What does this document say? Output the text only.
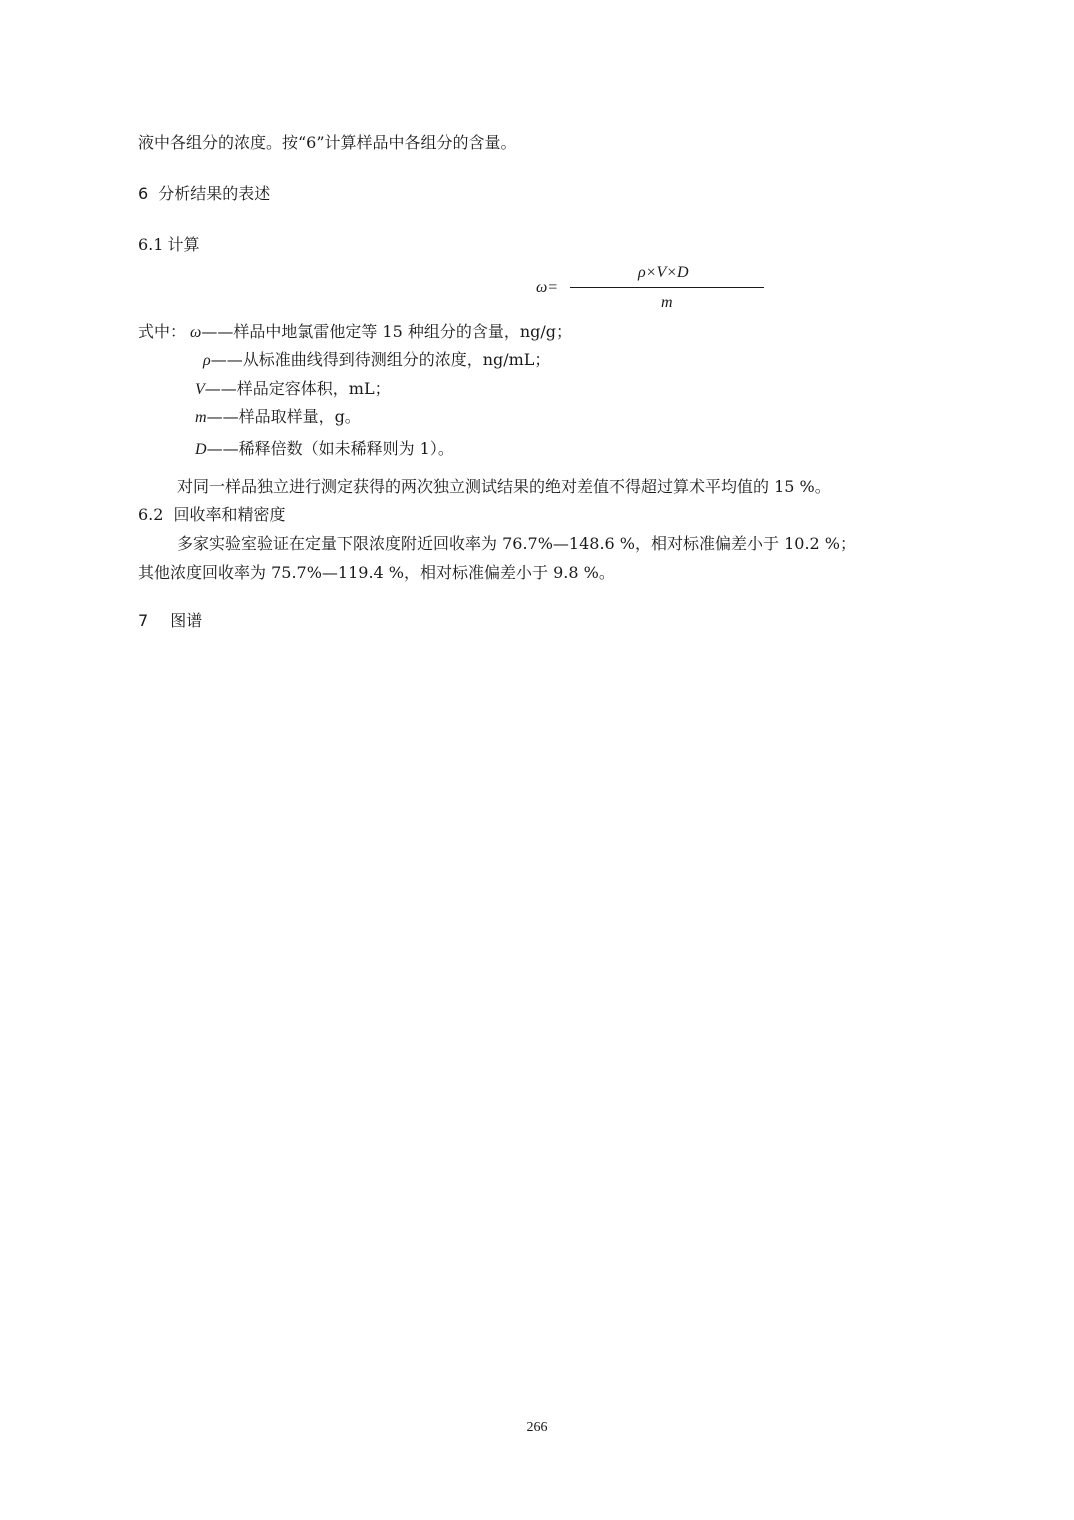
液中各组分的浓度。按“6”计算样品中各组分的含量。
6 分析结果的表述
6.1 计算
ω=
ρ×V×D
m
式中： ω——样品中地氯雷他定等 15 种组分的含量，ng/g；
ρ——从标准曲线得到待测组分的浓度，ng/mL；
V——样品定容体积，mL；
m——样品取样量，g。
D——稀释倍数（如未稀释则为 1）。
对同一样品独立进行测定获得的两次独立测试结果的绝对差值不得超过算术平均值的 15 %。
6.2 回收率和精密度
多家实验室验证在定量下限浓度附近回收率为 76.7%—148.6 %，相对标准偏差小于 10.2 %；
其他浓度回收率为 75.7%—119.4 %，相对标准偏差小于 9.8 %。
7 图谱
266
